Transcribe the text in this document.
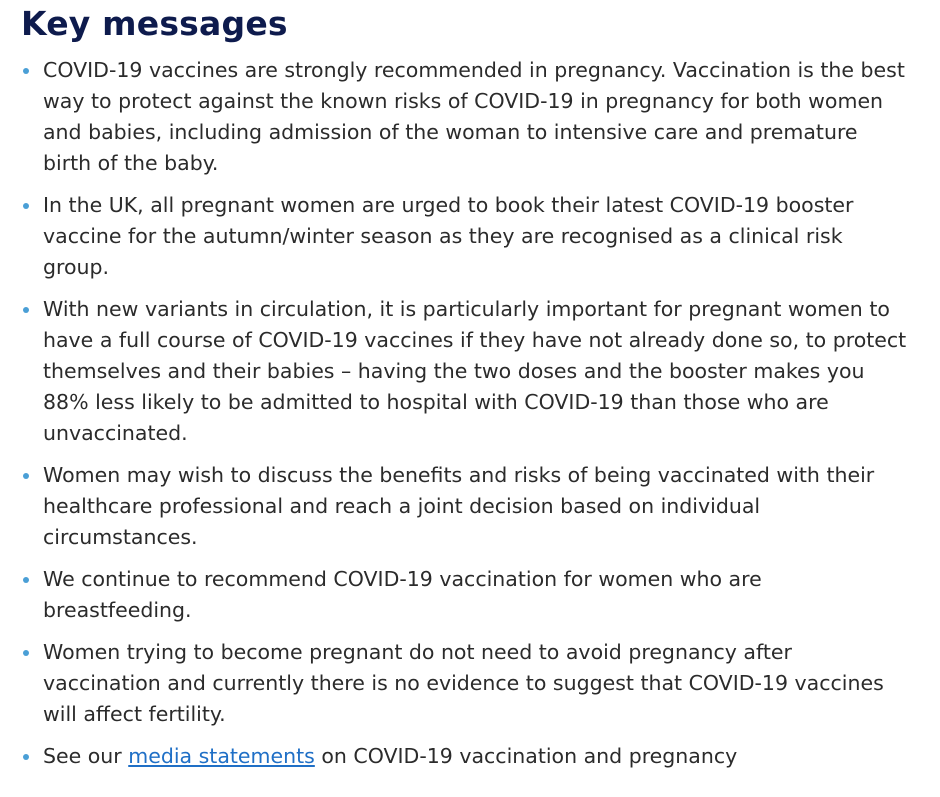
Key messages
COVID-19 vaccines are strongly recommended in pregnancy. Vaccination is the best way to protect against the known risks of COVID-19 in pregnancy for both women and babies, including admission of the woman to intensive care and premature birth of the baby.
In the UK, all pregnant women are urged to book their latest COVID-19 booster vaccine for the autumn/winter season as they are recognised as a clinical risk group.
With new variants in circulation, it is particularly important for pregnant women to have a full course of COVID-19 vaccines if they have not already done so, to protect themselves and their babies – having the two doses and the booster makes you 88% less likely to be admitted to hospital with COVID-19 than those who are unvaccinated.
Women may wish to discuss the benefits and risks of being vaccinated with their healthcare professional and reach a joint decision based on individual circumstances.
We continue to recommend COVID-19 vaccination for women who are breastfeeding.
Women trying to become pregnant do not need to avoid pregnancy after vaccination and currently there is no evidence to suggest that COVID-19 vaccines will affect fertility.
See our media statements on COVID-19 vaccination and pregnancy
